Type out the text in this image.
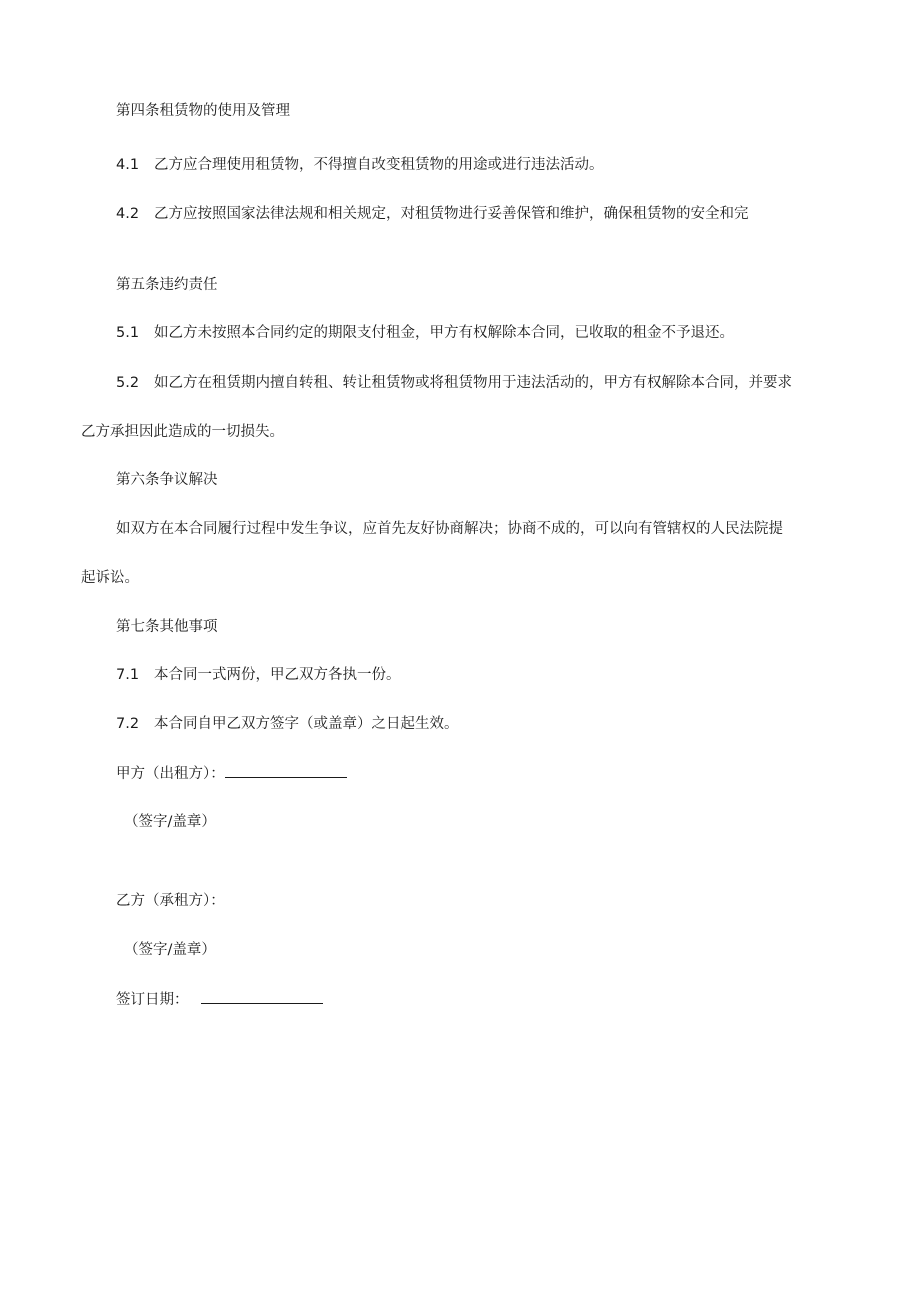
第四条租赁物的使用及管理
4.1 乙方应合理使用租赁物，不得擅自改变租赁物的用途或进行违法活动。
4.2 乙方应按照国家法律法规和相关规定，对租赁物进行妥善保管和维护，确保租赁物的安全和完
第五条违约责任
5.1 如乙方未按照本合同约定的期限支付租金，甲方有权解除本合同，已收取的租金不予退还。
5.2 如乙方在租赁期内擅自转租、转让租赁物或将租赁物用于违法活动的，甲方有权解除本合同，并要求
乙方承担因此造成的一切损失。
第六条争议解决
如双方在本合同履行过程中发生争议，应首先友好协商解决；协商不成的，可以向有管辖权的人民法院提
起诉讼。
第七条其他事项
7.1 本合同一式两份，甲乙双方各执一份。
7.2 本合同自甲乙双方签字（或盖章）之日起生效。
甲方（出租方）：
（签字/盖章）
乙方（承租方）：
（签字/盖章）
签订日期：
